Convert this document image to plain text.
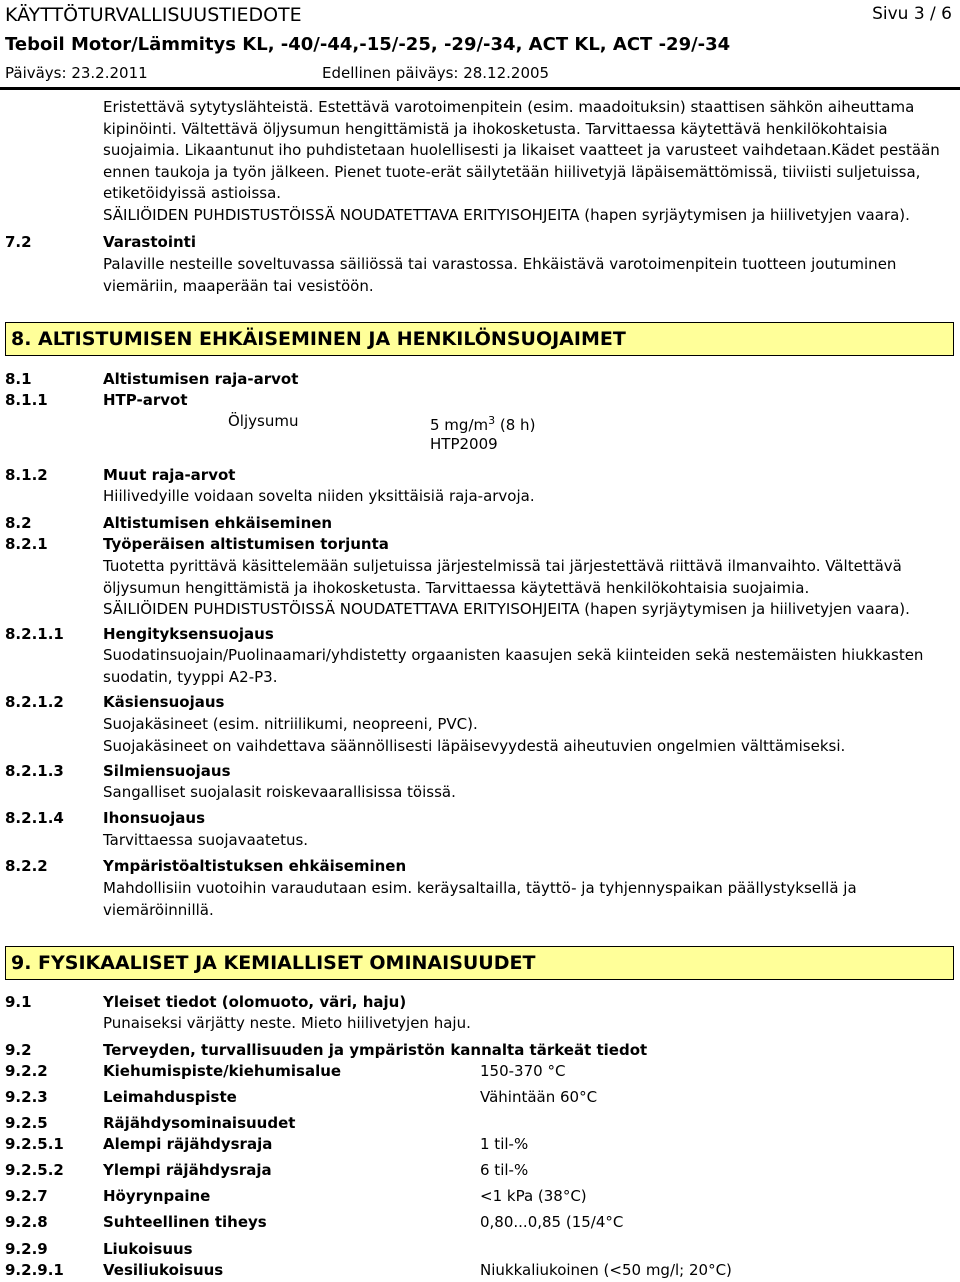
KÄYTTÖTURVALLISUUSTIEDOTE	Sivu 3 / 6
Teboil Motor/Lämmitys KL, -40/-44,-15/-25, -29/-34, ACT KL, ACT -29/-34
Päiväys: 23.2.2011	Edellinen päiväys: 28.12.2005
Eristettävä sytytyslähteistä. Estettävä varotoimenpitein (esim. maadoituksin) staattisen sähkön aiheuttama
kipinöinti. Vältettävä öljysumun hengittämistä ja ihokosketusta. Tarvittaessa käytettävä henkilökohtaisia
suojaimia. Likaantunut iho puhdistetaan huolellisesti ja likaiset vaatteet ja varusteet vaihdetaan.Kädet pestään
ennen taukoja ja työn jälkeen. Pienet tuote-erät säilytetään hiilivetyjä läpäisemättömissä, tiiviisti suljetuissa,
etiketöidyissä astioissa.
SÄILIÖIDEN PUHDISTUSTÖISSÄ NOUDATETTAVA ERITYISOHJEITA (hapen syrjäytymisen ja hiilivetyjen vaara).
7.2	Varastointi
Palaville nesteille soveltuvassa säiliössä tai varastossa. Ehkäistävä varotoimenpitein tuotteen joutuminen
viemäriin, maaperään tai vesistöön.
8. ALTISTUMISEN EHKÄISEMINEN JA HENKILÖNSUOJAIMET
8.1	Altistumisen raja-arvot
8.1.1	HTP-arvot
Öljysumu	5 $mg/m^3$ (8 h)
HTP2009
8.1.2	Muut raja-arvot
Hiilivedyille voidaan sovelta niiden yksittäisiä raja-arvoja.
8.2	Altistumisen ehkäiseminen
8.2.1	Työperäisen altistumisen torjunta
Tuotetta pyrittävä käsittelemään suljetuissa järjestelmissä tai järjestettävä riittävä ilmanvaihto. Vältettävä
öljysumun hengittämistä ja ihokosketusta. Tarvittaessa käytettävä henkilökohtaisia suojaimia.
SÄILIÖIDEN PUHDISTUSTÖISSÄ NOUDATETTAVA ERITYISOHJEITA (hapen syrjäytymisen ja hiilivetyjen vaara).
8.2.1.1	Hengityksensuojaus
Suodatinsuojain/Puolinaamari/yhdistetty orgaanisten kaasujen sekä kiinteiden sekä nestemäisten hiukkasten
suodatin, tyyppi A2-P3.
8.2.1.2	Käsiensuojaus
Suojakäsineet (esim. nitriilikumi, neopreeni, PVC).
Suojakäsineet on vaihdettava säännöllisesti läpäisevyydestä aiheutuvien ongelmien välttämiseksi.
8.2.1.3	Silmiensuojaus
Sangalliset suojalasit roiskevaarallisissa töissä.
8.2.1.4	Ihonsuojaus
Tarvittaessa suojavaatetus.
8.2.2	Ympäristöaltistuksen ehkäiseminen
Mahdollisiin vuotoihin varaudutaan esim. keräysaltailla, täyttö- ja tyhjennyspaikan päällystyksellä ja
viemäröinnillä.
9. FYSIKAALISET JA KEMIALLISET OMINAISUUDET
9.1	Yleiset tiedot (olomuoto, väri, haju)
Punaiseksi värjätty neste. Mieto hiilivetyjen haju.
9.2	Terveyden, turvallisuuden ja ympäristön kannalta tärkeät tiedot
9.2.2	Kiehumispiste/kiehumisalue	150-370 °C
9.2.3	Leimahduspiste	Vähintään 60°C
9.2.5	Räjähdysominaisuudet
9.2.5.1	Alempi räjähdysraja	1 til-%
9.2.5.2	Ylempi räjähdysraja	6 til-%
9.2.7	Höyrynpaine	<1 kPa (38°C)
9.2.8	Suhteellinen tiheys	0,80...0,85 (15/4°C
9.2.9	Liukoisuus
9.2.9.1	Vesiliukoisuus	Niukkaliukoinen (<50 mg/l; 20°C)
